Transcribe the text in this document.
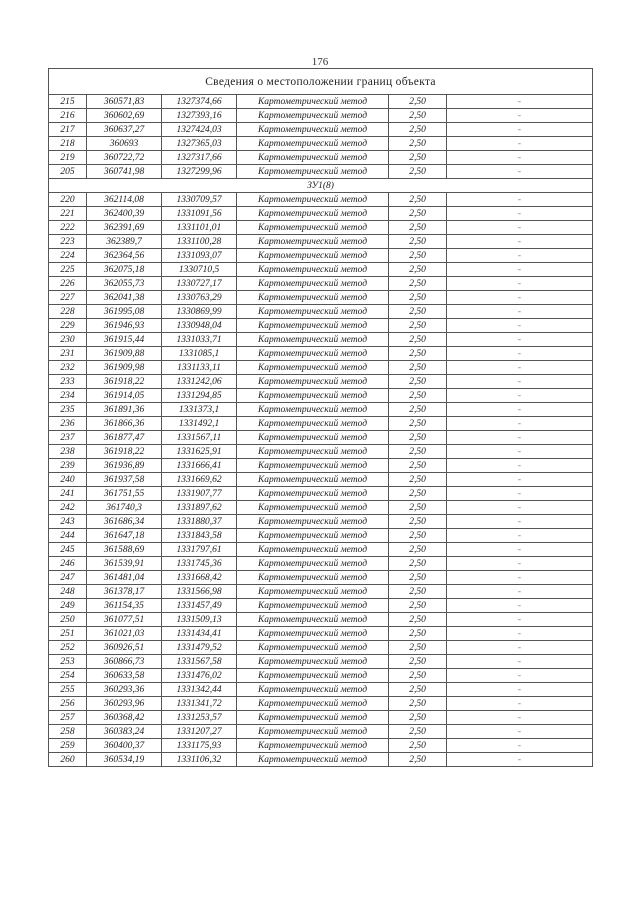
176
Сведения о местоположении границ объекта					
215	360571,83	1327374,66	Картометрический метод	2,50	-
216	360602,69	1327393,16	Картометрический метод	2,50	-
217	360637,27	1327424,03	Картометрический метод	2,50	-
218	360693	1327365,03	Картометрический метод	2,50	-
219	360722,72	1327317,66	Картометрический метод	2,50	-
205	360741,98	1327299,96	Картометрический метод	2,50	-
ЗУ1(8)					
220	362114,08	1330709,57	Картометрический метод	2,50	-
221	362400,39	1331091,56	Картометрический метод	2,50	-
222	362391,69	1331101,01	Картометрический метод	2,50	-
223	362389,7	1331100,28	Картометрический метод	2,50	-
224	362364,56	1331093,07	Картометрический метод	2,50	-
225	362075,18	1330710,5	Картометрический метод	2,50	-
226	362055,73	1330727,17	Картометрический метод	2,50	-
227	362041,38	1330763,29	Картометрический метод	2,50	-
228	361995,08	1330869,99	Картометрический метод	2,50	-
229	361946,93	1330948,04	Картометрический метод	2,50	-
230	361915,44	1331033,71	Картометрический метод	2,50	-
231	361909,88	1331085,1	Картометрический метод	2,50	-
232	361909,98	1331133,11	Картометрический метод	2,50	-
233	361918,22	1331242,06	Картометрический метод	2,50	-
234	361914,05	1331294,85	Картометрический метод	2,50	-
235	361891,36	1331373,1	Картометрический метод	2,50	-
236	361866,36	1331492,1	Картометрический метод	2,50	-
237	361877,47	1331567,11	Картометрический метод	2,50	-
238	361918,22	1331625,91	Картометрический метод	2,50	-
239	361936,89	1331666,41	Картометрический метод	2,50	-
240	361937,58	1331669,62	Картометрический метод	2,50	-
241	361751,55	1331907,77	Картометрический метод	2,50	-
242	361740,3	1331897,62	Картометрический метод	2,50	-
243	361686,34	1331880,37	Картометрический метод	2,50	-
244	361647,18	1331843,58	Картометрический метод	2,50	-
245	361588,69	1331797,61	Картометрический метод	2,50	-
246	361539,91	1331745,36	Картометрический метод	2,50	-
247	361481,04	1331668,42	Картометрический метод	2,50	-
248	361378,17	1331566,98	Картометрический метод	2,50	-
249	361154,35	1331457,49	Картометрический метод	2,50	-
250	361077,51	1331509,13	Картометрический метод	2,50	-
251	361021,03	1331434,41	Картометрический метод	2,50	-
252	360926,51	1331479,52	Картометрический метод	2,50	-
253	360866,73	1331567,58	Картометрический метод	2,50	-
254	360633,58	1331476,02	Картометрический метод	2,50	-
255	360293,36	1331342,44	Картометрический метод	2,50	-
256	360293,96	1331341,72	Картометрический метод	2,50	-
257	360368,42	1331253,57	Картометрический метод	2,50	-
258	360383,24	1331207,27	Картометрический метод	2,50	-
259	360400,37	1331175,93	Картометрический метод	2,50	-
260	360534,19	1331106,32	Картометрический метод	2,50	-
